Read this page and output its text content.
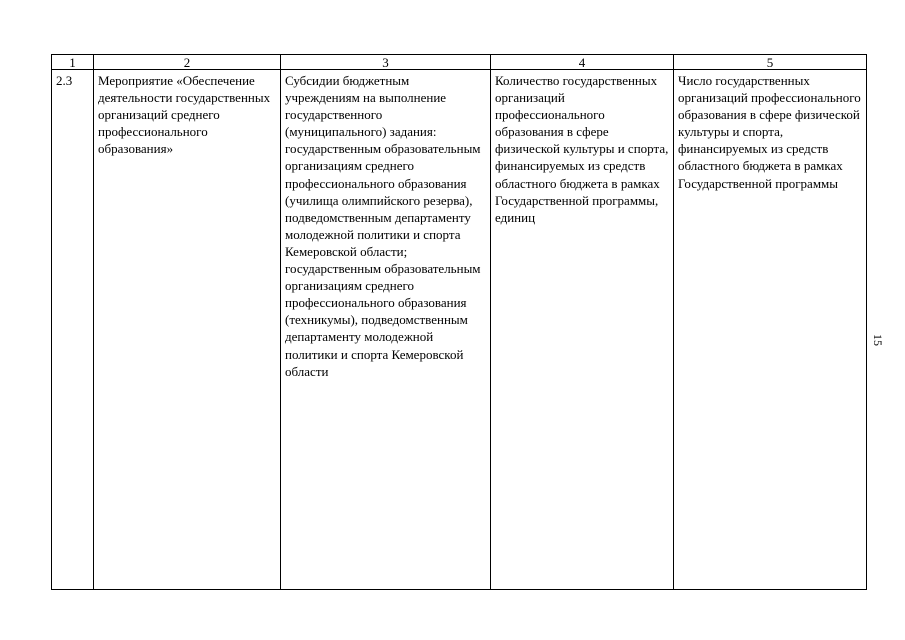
1	2	3	4	5
2.3	Мероприятие «Обеспечение деятельности государственных организаций среднего профессионального образования»	Субсидии бюджетным учреждениям на выполнение государственного (муниципального) задания: государственным образовательным организациям среднего профессионального образования (училища олимпийского резерва), подведомственным департаменту молодежной политики и спорта Кемеровской области; государственным образовательным организациям среднего профессионального образования (техникумы), подведомственным департаменту молодежной политики и спорта Кемеровской области	Количество государственных организаций профессионального образования в сфере физической культуры и спорта, финансируемых из средств областного бюджета в рамках Государственной программы, единиц	Число государственных организаций профессионального образования в сфере физической культуры и спорта, финансируемых из средств областного бюджета в рамках Государственной программы
15
